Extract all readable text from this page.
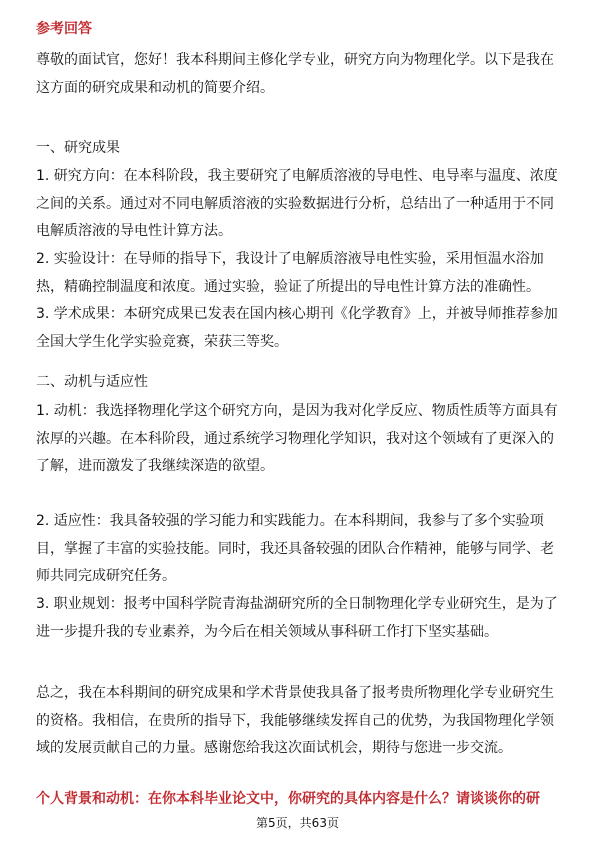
参考回答

尊敬的面试官，您好！我本科期间主修化学专业，研究方向为物理化学。以下是我在这方面的研究成果和动机的简要介绍。

一、研究成果

1. 研究方向：在本科阶段，我主要研究了电解质溶液的导电性、电导率与温度、浓度之间的关系。通过对不同电解质溶液的实验数据进行分析，总结出了一种适用于不同电解质溶液的导电性计算方法。

2. 实验设计：在导师的指导下，我设计了电解质溶液导电性实验，采用恒温水浴加热，精确控制温度和浓度。通过实验，验证了所提出的导电性计算方法的准确性。

3. 学术成果：本研究成果已发表在国内核心期刊《化学教育》上，并被导师推荐参加全国大学生化学实验竞赛，荣获三等奖。

二、动机与适应性

1. 动机：我选择物理化学这个研究方向，是因为我对化学反应、物质性质等方面具有浓厚的兴趣。在本科阶段，通过系统学习物理化学知识，我对这个领域有了更深入的了解，进而激发了我继续深造的欲望。

2. 适应性：我具备较强的学习能力和实践能力。在本科期间，我参与了多个实验项目，掌握了丰富的实验技能。同时，我还具备较强的团队合作精神，能够与同学、老师共同完成研究任务。

3. 职业规划：报考中国科学院青海盐湖研究所的全日制物理化学专业研究生，是为了进一步提升我的专业素养，为今后在相关领域从事科研工作打下坚实基础。

总之，我在本科期间的研究成果和学术背景使我具备了报考贵所物理化学专业研究生的资格。我相信，在贵所的指导下，我能够继续发挥自己的优势，为我国物理化学领域的发展贡献自己的力量。感谢您给我这次面试机会，期待与您进一步交流。

个人背景和动机：在你本科毕业论文中，你研究的具体内容是什么？请谈谈你的研
第5页，共63页
